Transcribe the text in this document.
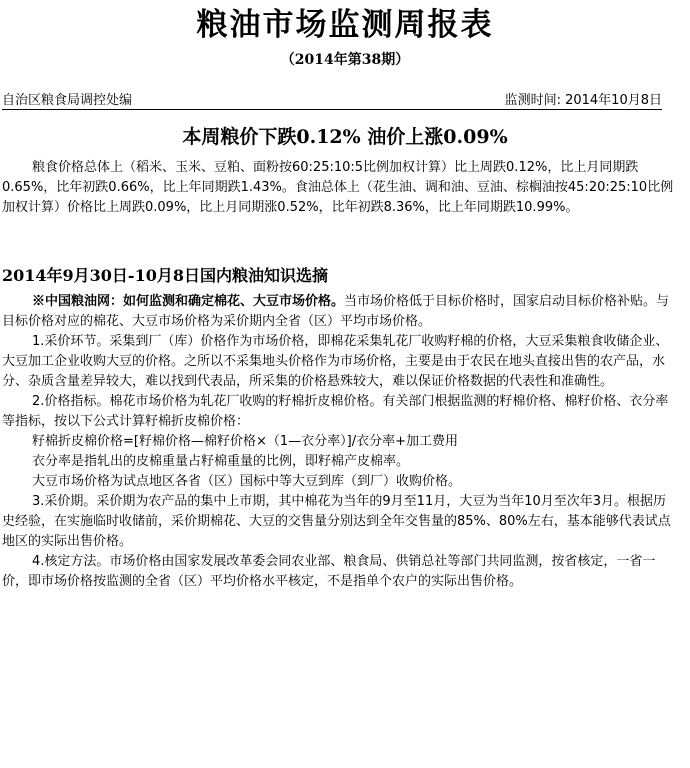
粮油市场监测周报表
（2014年第38期）
自治区粮食局调控处编	监测时间: 2014年10月8日
本周粮价下跌0.12% 油价上涨0.09%

粮食价格总体上（稻米、玉米、豆粕、面粉按60:25:10:5比例加权计算）比上周跌0.12%，比上月同期跌0.65%，比年初跌0.66%，比上年同期跌1.43%。食油总体上（花生油、调和油、豆油、棕榈油按45:20:25:10比例加权计算）价格比上周跌0.09%，比上月同期涨0.52%，比年初跌8.36%，比上年同期跌10.99%。

2014年9月30日-10月8日国内粮油知识选摘

※中国粮油网：如何监测和确定棉花、大豆市场价格。当市场价格低于目标价格时，国家启动目标价格补贴。与目标价格对应的棉花、大豆市场价格为采价期内全省（区）平均市场价格。

1.采价环节。采集到厂（库）价格作为市场价格，即棉花采集轧花厂收购籽棉的价格，大豆采集粮食收储企业、大豆加工企业收购大豆的价格。之所以不采集地头价格作为市场价格，主要是由于农民在地头直接出售的农产品，水分、杂质含量差异较大，难以找到代表品，所采集的价格悬殊较大，难以保证价格数据的代表性和准确性。

2.价格指标。棉花市场价格为轧花厂收购的籽棉折皮棉价格。有关部门根据监测的籽棉价格、棉籽价格、衣分率等指标，按以下公式计算籽棉折皮棉价格：

籽棉折皮棉价格=[籽棉价格—棉籽价格×（1—衣分率）]/衣分率+加工费用

衣分率是指轧出的皮棉重量占籽棉重量的比例，即籽棉产皮棉率。

大豆市场价格为试点地区各省（区）国标中等大豆到库（到厂）收购价格。

3.采价期。采价期为农产品的集中上市期，其中棉花为当年的9月至11月，大豆为当年10月至次年3月。根据历史经验，在实施临时收储前，采价期棉花、大豆的交售量分别达到全年交售量的85%、80%左右，基本能够代表试点地区的实际出售价格。

4.核定方法。市场价格由国家发展改革委会同农业部、粮食局、供销总社等部门共同监测，按省核定，一省一价，即市场价格按监测的全省（区）平均价格水平核定，不是指单个农户的实际出售价格。
